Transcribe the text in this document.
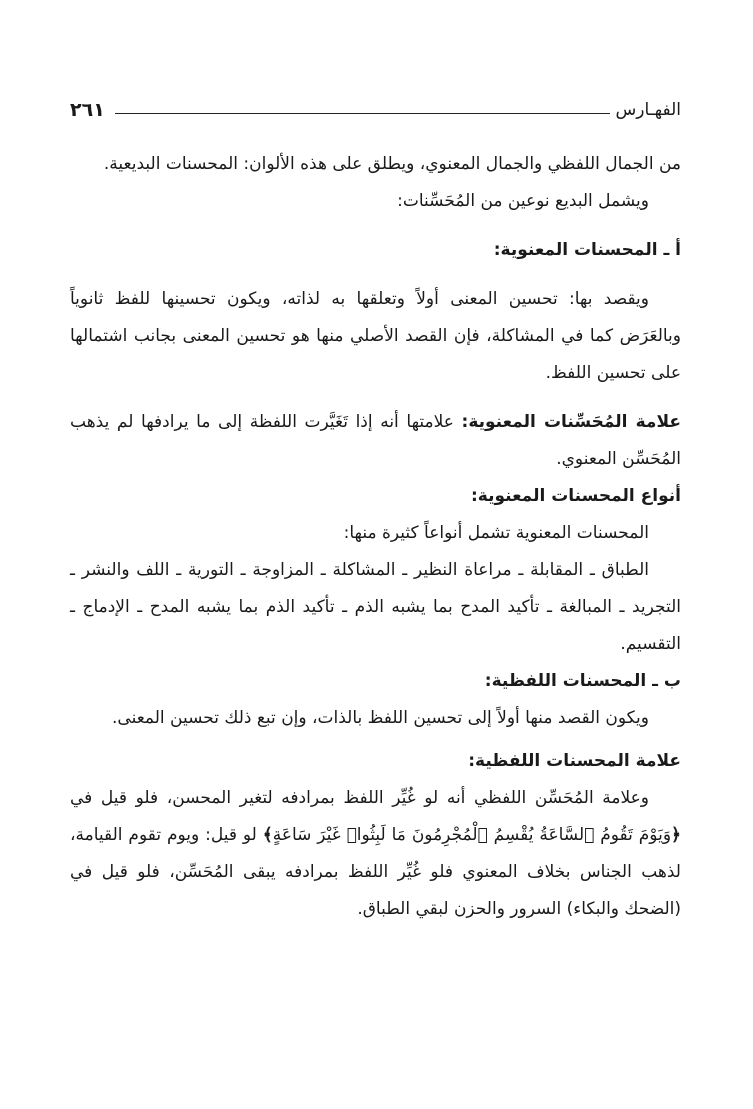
الفهـارس
٢٦١

من الجمال اللفظي والجمال المعنوي، ويطلق على هذه الألوان: المحسنات البديعية.

ويشمل البديع نوعين من المُحَسِّنات:

أ ـ المحسنات المعنوية:

ويقصد بها: تحسين المعنى أولاً وتعلقها به لذاته، ويكون تحسينها للفظ ثانوياً وبالعَرَض كما في المشاكلة، فإن القصد الأصلي منها هو تحسين المعنى بجانب اشتمالها على تحسين اللفظ.

علامة المُحَسِّنات المعنوية: علامتها أنه إذا تَغَيَّرت اللفظة إلى ما يرادفها لم يذهب المُحَسِّن المعنوي.

أنواع المحسنات المعنوية:

المحسنات المعنوية تشمل أنواعاً كثيرة منها:

الطباق ـ المقابلة ـ مراعاة النظير ـ المشاكلة ـ المزاوجة ـ التورية ـ اللف والنشر ـ التجريد ـ المبالغة ـ تأكيد المدح بما يشبه الذم ـ تأكيد الذم بما يشبه المدح ـ الإدماج ـ التقسيم.

ب ـ المحسنات اللفظية:

ويكون القصد منها أولاً إلى تحسين اللفظ بالذات، وإن تبع ذلك تحسين المعنى.

علامة المحسنات اللفظية:

وعلامة المُحَسِّن اللفظي أنه لو غُيِّر اللفظ بمرادفه لتغير المحسن، فلو قيل في ﴿وَيَوْمَ تَقُومُ ٱلسَّاعَةُ يُقْسِمُ ٱلْمُجْرِمُونَ مَا لَبِثُوا۟ غَيْرَ سَاعَةٍ﴾ لو قيل: ويوم تقوم القيامة، لذهب الجناس بخلاف المعنوي فلو غُيِّر اللفظ بمرادفه يبقى المُحَسِّن، فلو قيل في (الضحك والبكاء) السرور والحزن لبقي الطباق.
